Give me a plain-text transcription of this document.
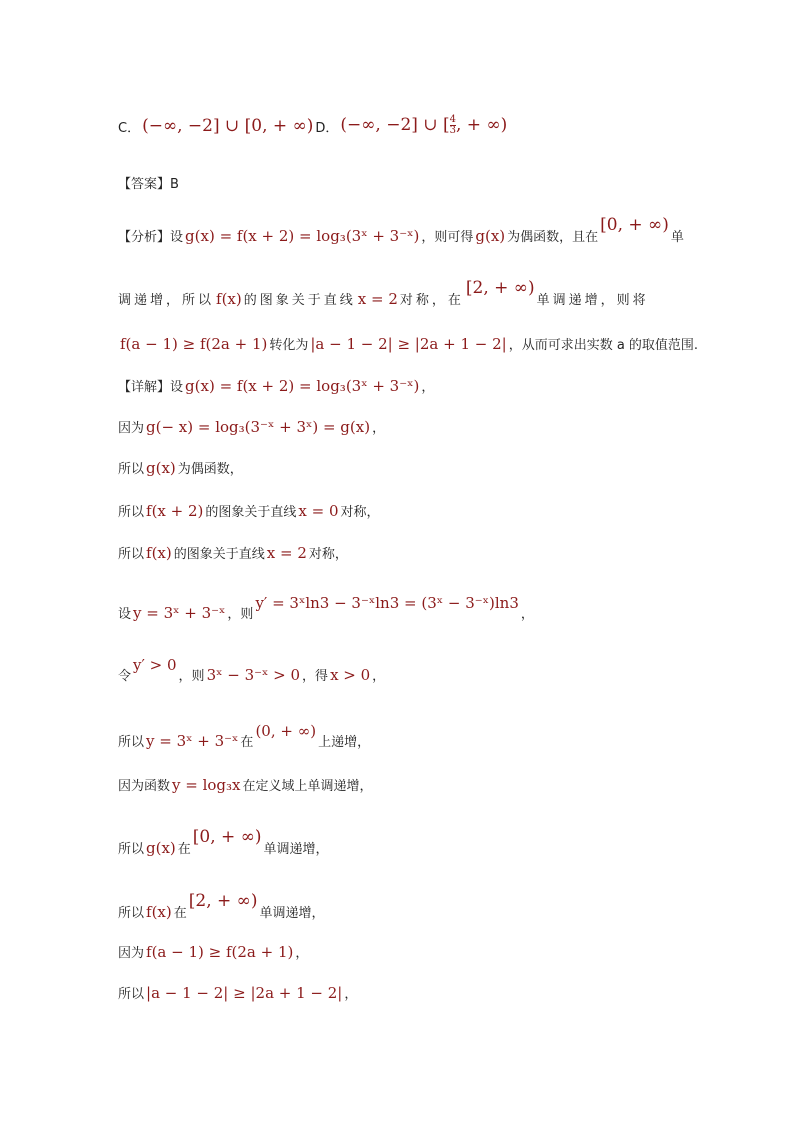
C． (−∞, −2] ∪ [0, + ∞) D． (−∞, −2] ∪ [ $\frac{4}{3}$ , + ∞)
【答案】 B
【分析】 设 g(x) = f(x + 2) = log₃(3ˣ + 3⁻ˣ) ，则可得 g(x) 为偶函数，且在
[0, + ∞)
单
调递增，所以 f(x) 的图象关于直线 x = 2 对称，在
[2, + ∞)
单调递增，则将
f(a − 1) ≥ f(2a + 1) 转化为 |a − 1 − 2| ≥ |2a + 1 − 2| ，从而可求出实数 a 的取值范围.
【详解】 设 g(x) = f(x + 2) = log₃(3ˣ + 3⁻ˣ) ，
因为 g(− x) = log₃(3⁻ˣ + 3ˣ) = g(x) ，
所以 g(x) 为偶函数，
所以 f(x + 2) 的图象关于直线 x = 0 对称，
所以 f(x) 的图象关于直线 x = 2 对称，
设 y = 3ˣ + 3⁻ˣ ，则
y′ = 3ˣln3 − 3⁻ˣln3 = (3ˣ − 3⁻ˣ)ln3
，
令
y′ > 0
，则 3ˣ − 3⁻ˣ > 0 ，得 x > 0 ，
所以 y = 3ˣ + 3⁻ˣ 在
(0, + ∞)
上递增，
因为函数 y = log₃x 在定义域上单调递增，
所以 g(x) 在
[0, + ∞)
单调递增，
所以 f(x) 在
[2, + ∞)
单调递增，
因为 f(a − 1) ≥ f(2a + 1) ，
所以 |a − 1 − 2| ≥ |2a + 1 − 2| ，
